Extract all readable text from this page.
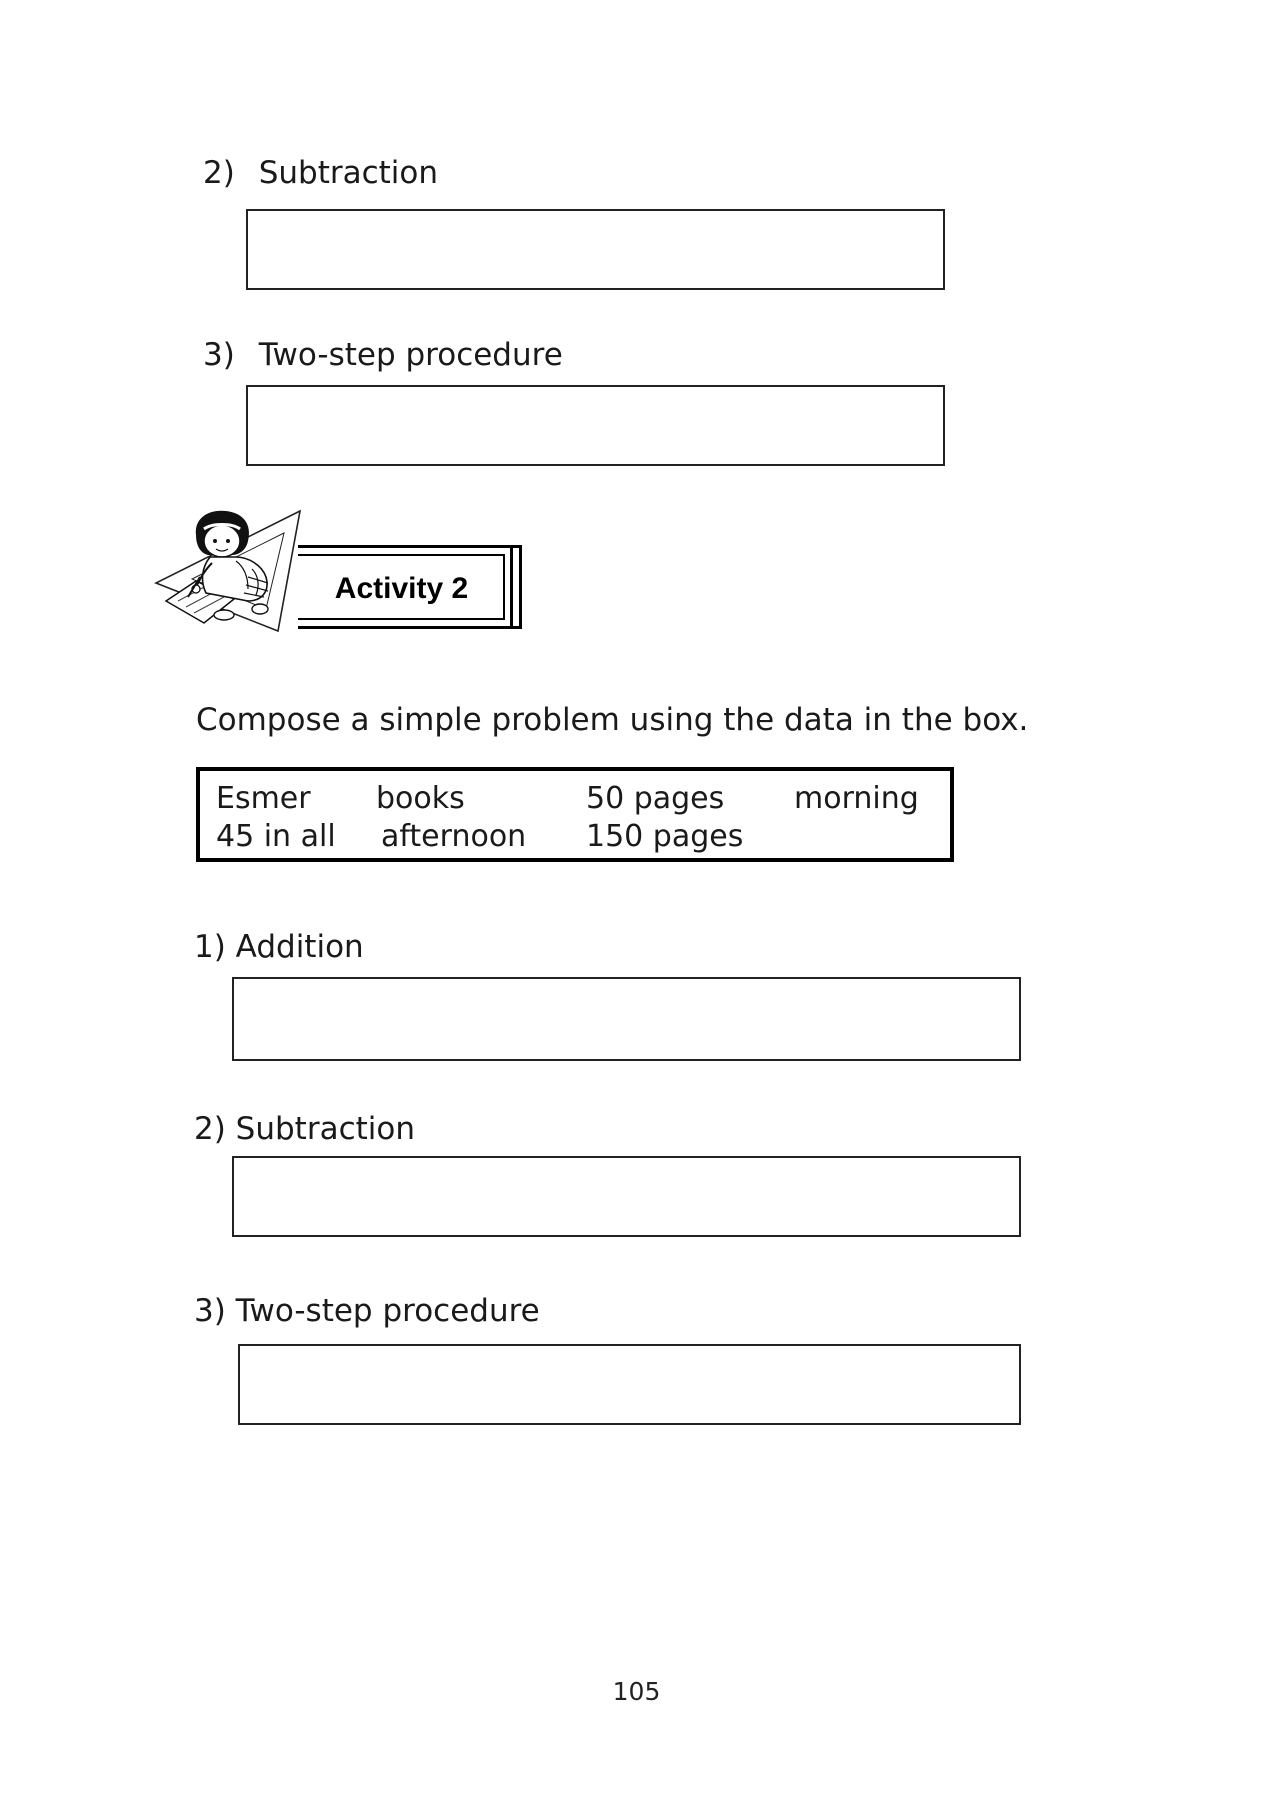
2) Subtraction
3) Two-step procedure
Activity 2
Compose a simple problem using the data in the box.
Esmer books	50 pages morning
45 in all afternoon 150 pages
1) Addition
2) Subtraction
3) Two-step procedure
105
